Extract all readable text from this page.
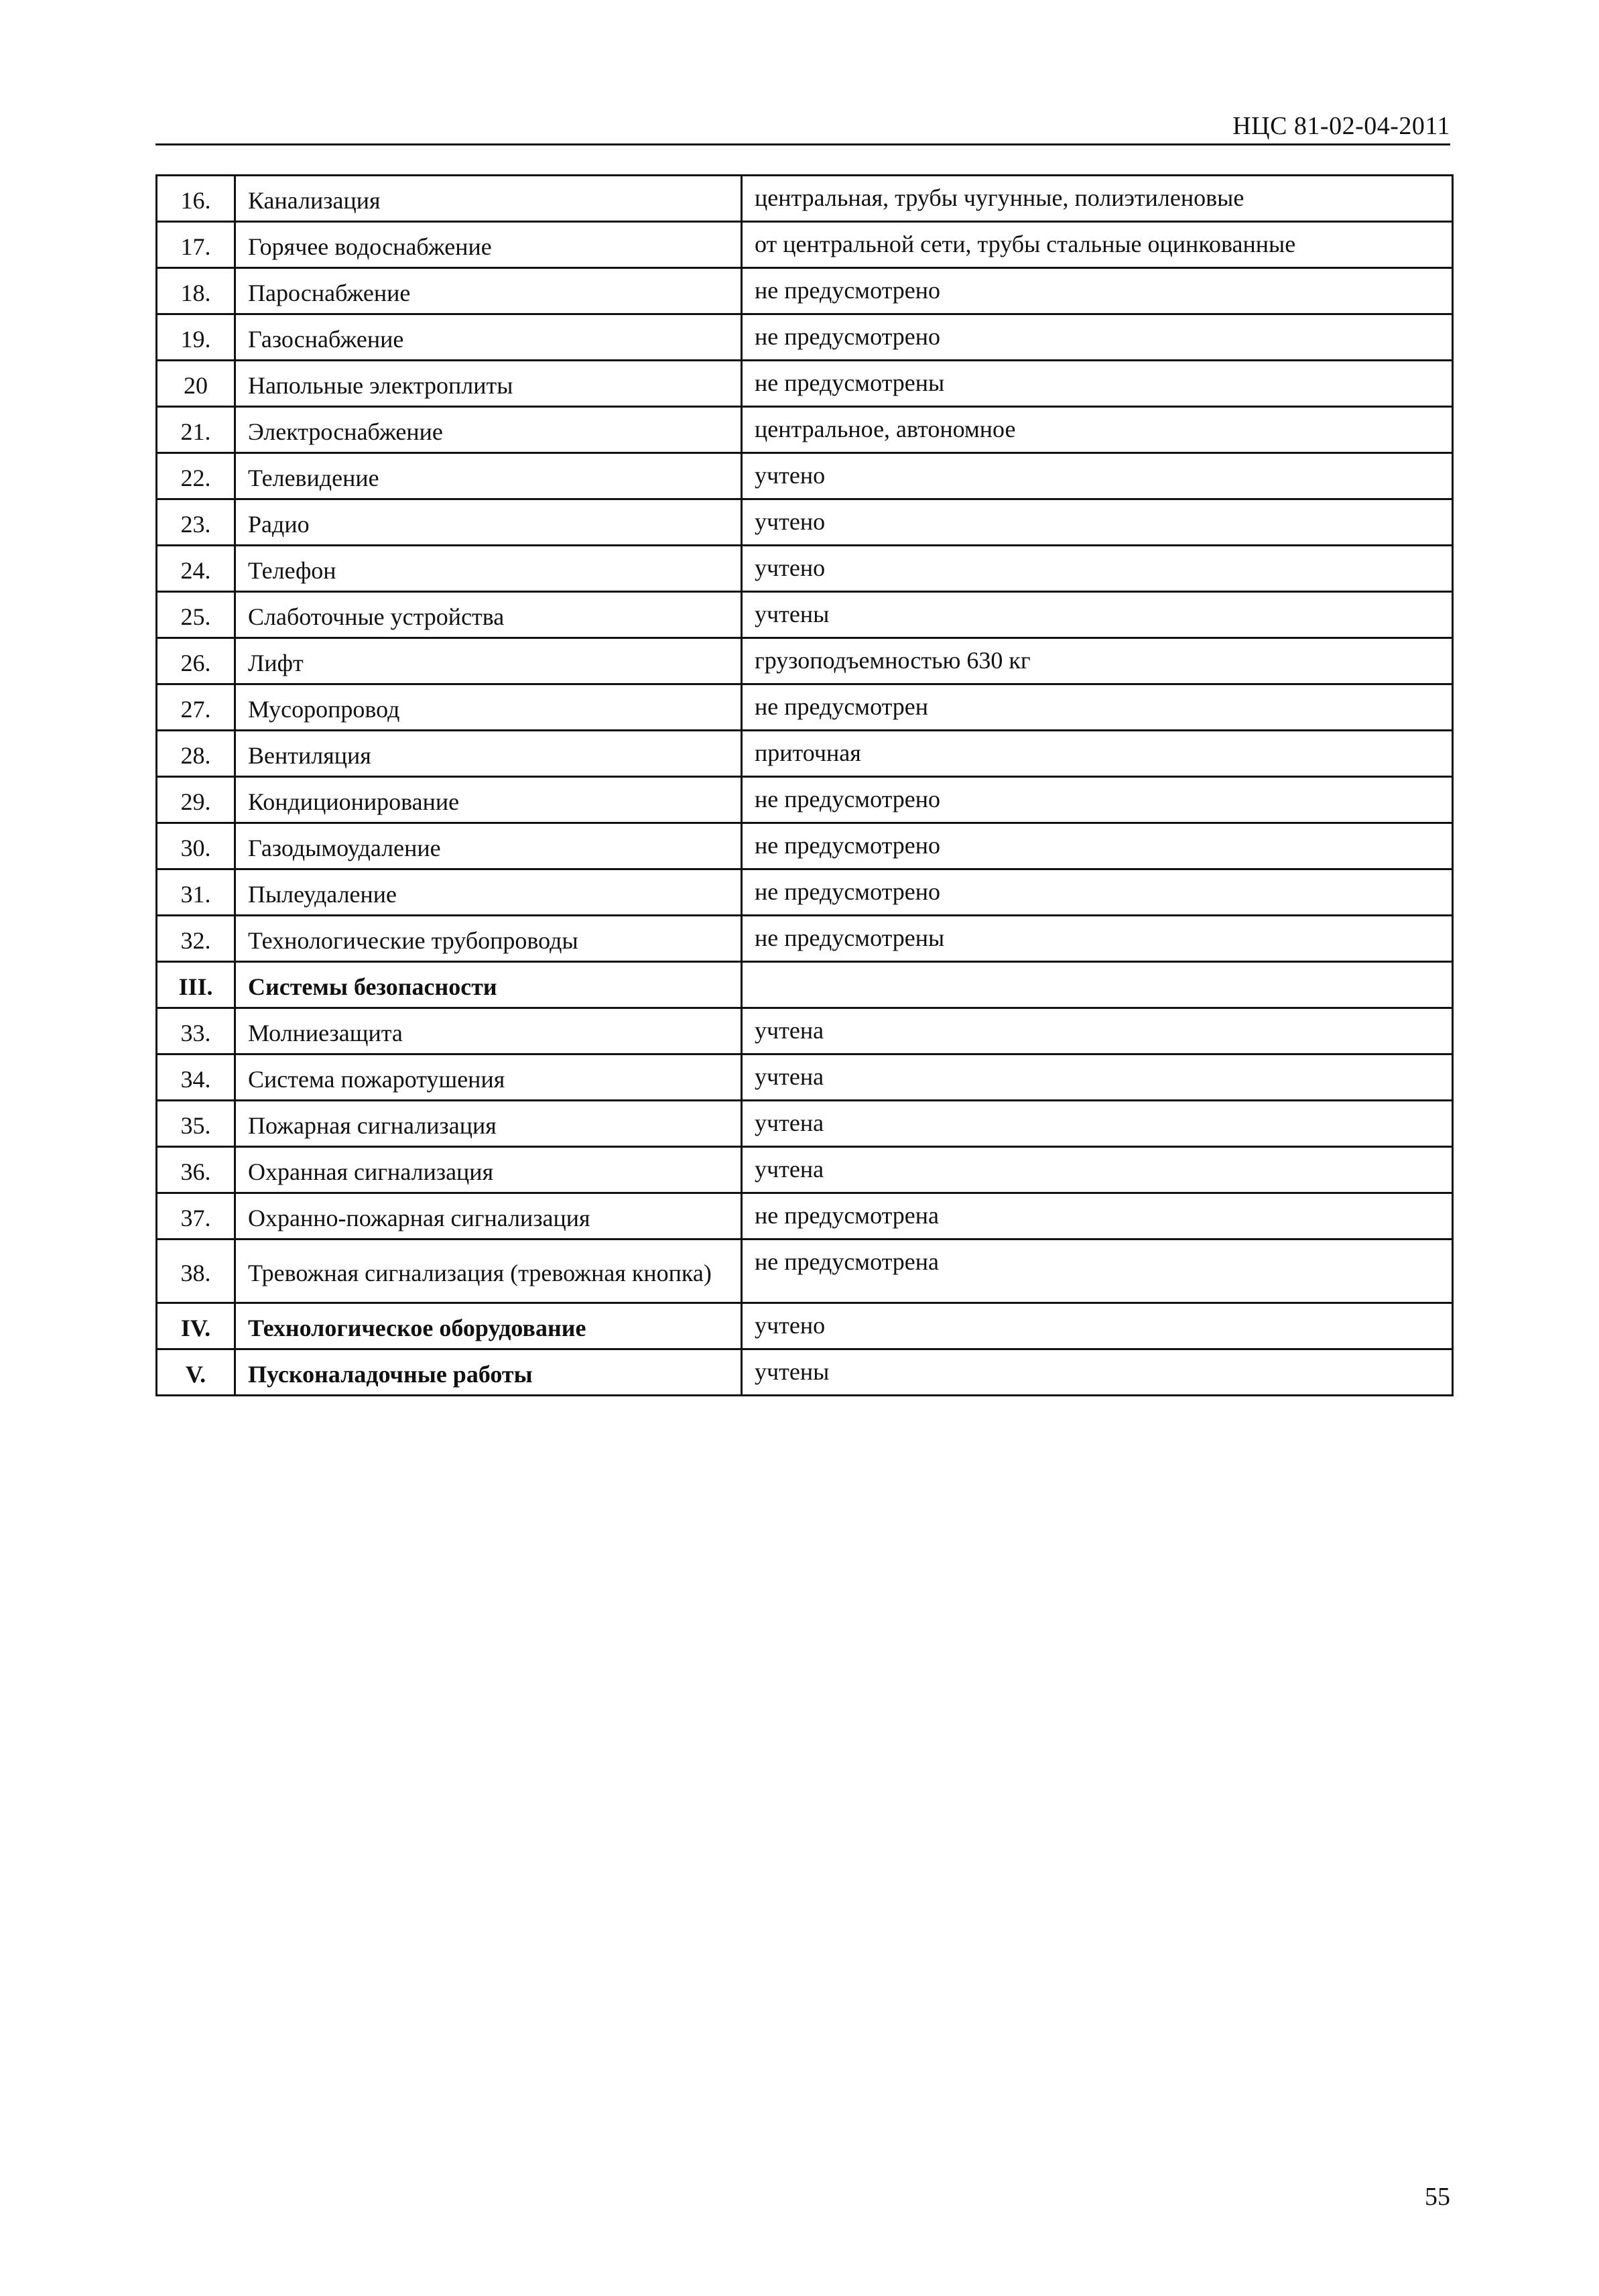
НЦС 81-02-04-2011
16.	Канализация	центральная, трубы чугунные, полиэтиленовые
17.	Горячее водоснабжение	от центральной сети, трубы стальные оцинкованные
18.	Пароснабжение	не предусмотрено
19.	Газоснабжение	не предусмотрено
20	Напольные электроплиты	не предусмотрены
21.	Электроснабжение	центральное, автономное
22.	Телевидение	учтено
23.	Радио	учтено
24.	Телефон	учтено
25.	Слаботочные устройства	учтены
26.	Лифт	грузоподъемностью 630 кг
27.	Мусоропровод	не предусмотрен
28.	Вентиляция	приточная
29.	Кондиционирование	не предусмотрено
30.	Газодымоудаление	не предусмотрено
31.	Пылеудаление	не предусмотрено
32.	Технологические трубопроводы	не предусмотрены
III.	Системы безопасности	
33.	Молниезащита	учтена
34.	Система пожаротушения	учтена
35.	Пожарная сигнализация	учтена
36.	Охранная сигнализация	учтена
37.	Охранно-пожарная сигнализация	не предусмотрена
38.	Тревожная сигнализация (тревожная кнопка)	не предусмотрена
IV.	Технологическое оборудование	учтено
V.	Пусконаладочные работы	учтены
55
